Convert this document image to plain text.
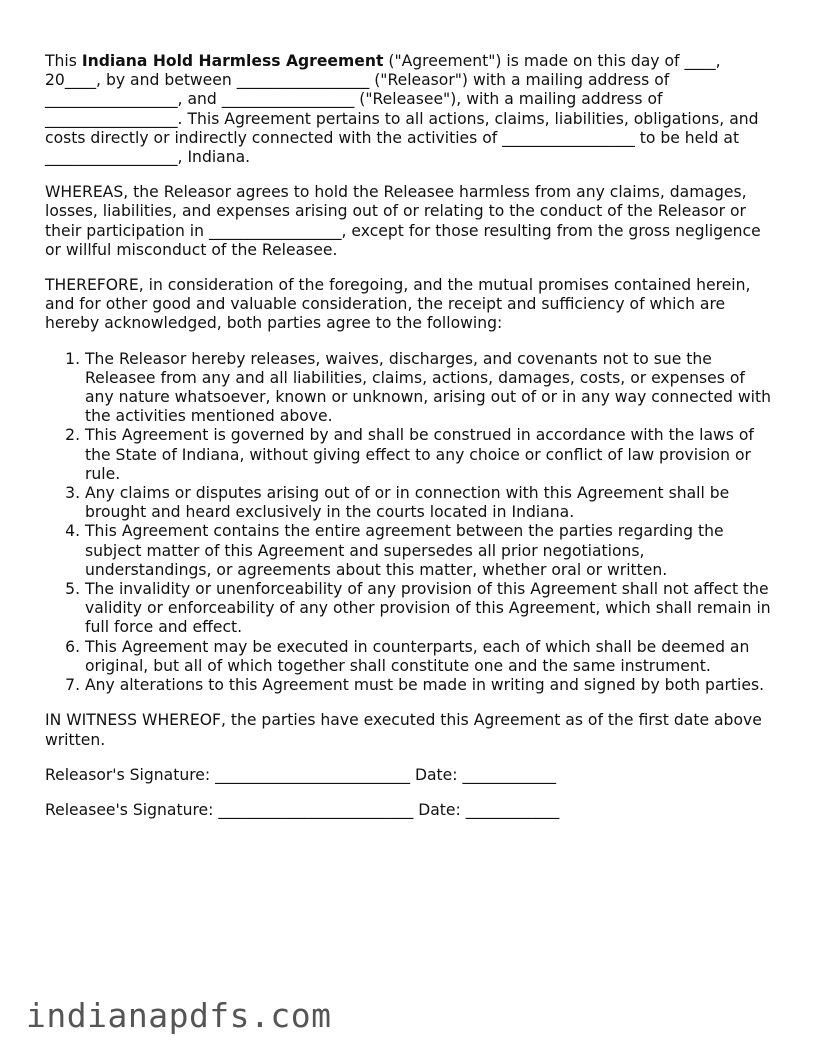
This Indiana Hold Harmless Agreement ("Agreement") is made on this day of ____, 20____, by and between _________________ ("Releasor") with a mailing address of _________________, and _________________ ("Releasee"), with a mailing address of _________________. This Agreement pertains to all actions, claims, liabilities, obligations, and costs directly or indirectly connected with the activities of _________________ to be held at _________________, Indiana.

WHEREAS, the Releasor agrees to hold the Releasee harmless from any claims, damages, losses, liabilities, and expenses arising out of or relating to the conduct of the Releasor or their participation in _________________, except for those resulting from the gross negligence or willful misconduct of the Releasee.

THEREFORE, in consideration of the foregoing, and the mutual promises contained herein, and for other good and valuable consideration, the receipt and sufficiency of which are hereby acknowledged, both parties agree to the following:

1. The Releasor hereby releases, waives, discharges, and covenants not to sue the Releasee from any and all liabilities, claims, actions, damages, costs, or expenses of any nature whatsoever, known or unknown, arising out of or in any way connected with the activities mentioned above.
2. This Agreement is governed by and shall be construed in accordance with the laws of the State of Indiana, without giving effect to any choice or conflict of law provision or rule.
3. Any claims or disputes arising out of or in connection with this Agreement shall be brought and heard exclusively in the courts located in Indiana.
4. This Agreement contains the entire agreement between the parties regarding the subject matter of this Agreement and supersedes all prior negotiations, understandings, or agreements about this matter, whether oral or written.
5. The invalidity or unenforceability of any provision of this Agreement shall not affect the validity or enforceability of any other provision of this Agreement, which shall remain in full force and effect.
6. This Agreement may be executed in counterparts, each of which shall be deemed an original, but all of which together shall constitute one and the same instrument.
7. Any alterations to this Agreement must be made in writing and signed by both parties.

IN WITNESS WHEREOF, the parties have executed this Agreement as of the first date above written.

Releasor's Signature: _________________________ Date: ____________

Releasee's Signature: _________________________ Date: ____________

indianapdfs.com
